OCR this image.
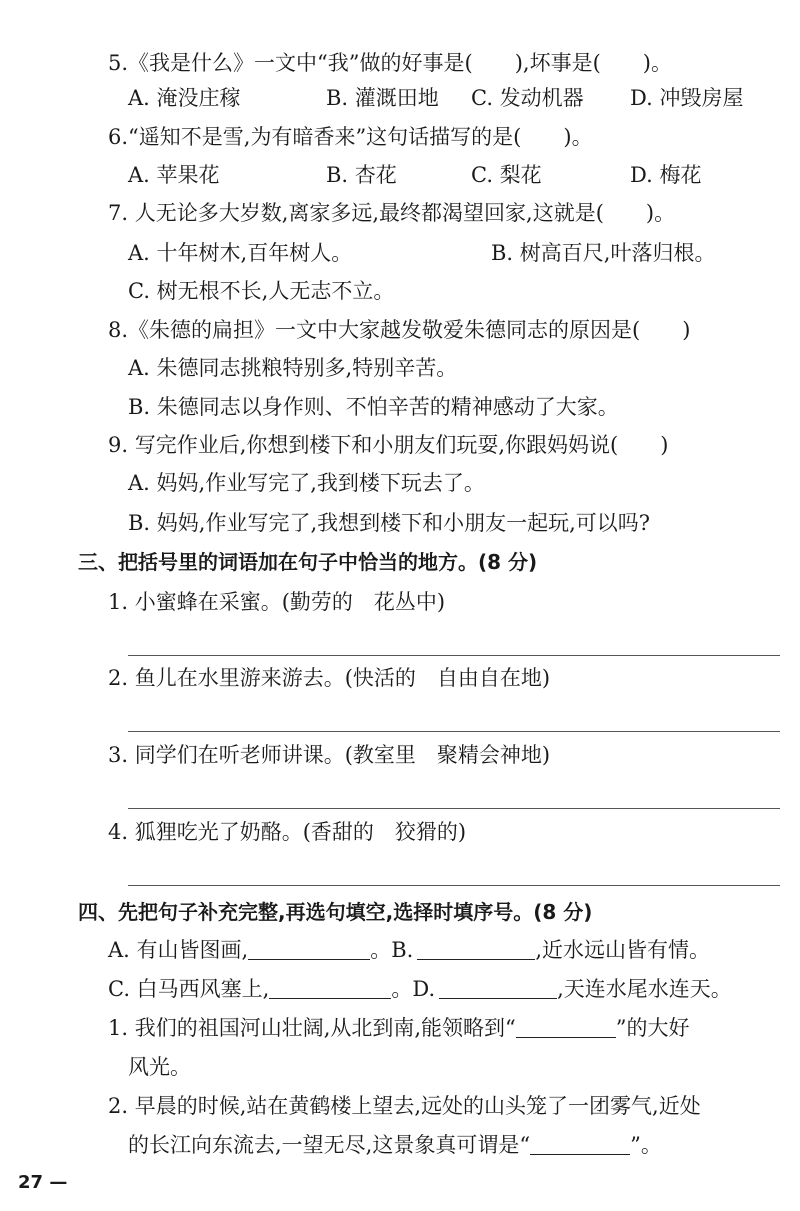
5.《我是什么》一文中“我”做的好事是(　　),坏事是(　　)。
A. 淹没庄稼	B. 灌溉田地 C. 发动机器 D. 冲毁房屋
6.“遥知不是雪,为有暗香来”这句话描写的是(　　)。
A. 苹果花	B. 杏花	C. 梨花	D. 梅花
7. 人无论多大岁数,离家多远,最终都渴望回家,这就是(　　)。
A. 十年树木,百年树人。	B. 树高百尺,叶落归根。
C. 树无根不长,人无志不立。
8.《朱德的扁担》一文中大家越发敬爱朱德同志的原因是(　　)
A. 朱德同志挑粮特别多,特别辛苦。
B. 朱德同志以身作则、不怕辛苦的精神感动了大家。
9. 写完作业后,你想到楼下和小朋友们玩耍,你跟妈妈说(　　)
A. 妈妈,作业写完了,我到楼下玩去了。
B. 妈妈,作业写完了,我想到楼下和小朋友一起玩,可以吗?
三、把括号里的词语加在句子中恰当的地方。(8 分)
1. 小蜜蜂在采蜜。(勤劳的　花丛中)
2. 鱼儿在水里游来游去。(快活的　自由自在地)
3. 同学们在听老师讲课。(教室里　聚精会神地)
4. 狐狸吃光了奶酪。(香甜的　狡猾的)
四、先把句子补充完整,再选句填空,选择时填序号。(8 分)
A. 有山皆图画,	。B.	,近水远山皆有情。
C. 白马西风塞上,	。D.	,天连水尾水连天。
1. 我们的祖国河山壮阔,从北到南,能领略到“	”的大好
风光。
2. 早晨的时候,站在黄鹤楼上望去,远处的山头笼了一团雾气,近处
的长江向东流去,一望无尽,这景象真可谓是“	”。
27 —
